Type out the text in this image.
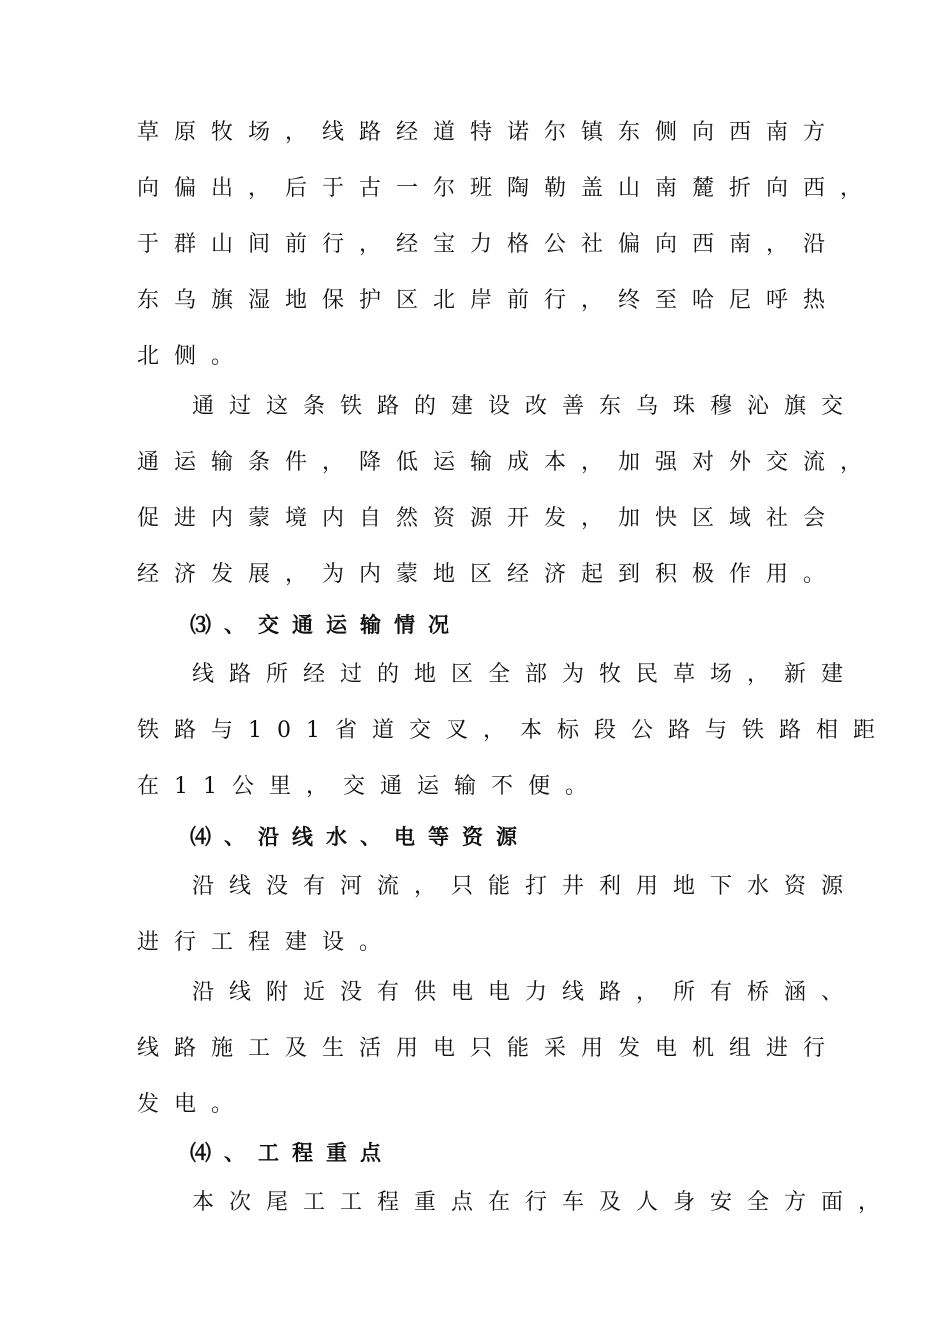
草原牧场，线路经道特诺尔镇东侧向西南方
向偏出，后于古一尔班陶勒盖山南麓折向西，
于群山间前行，经宝力格公社偏向西南，沿
东乌旗湿地保护区北岸前行，终至哈尼呼热
北侧。
通过这条铁路的建设改善东乌珠穆沁旗交
通运输条件，降低运输成本，加强对外交流，
促进内蒙境内自然资源开发，加快区域社会
经济发展，为内蒙地区经济起到积极作用。
⑶、交通运输情况
线路所经过的地区全部为牧民草场，新建
铁路与101省道交叉，本标段公路与铁路相距
在11公里，交通运输不便。
⑷、沿线水、电等资源
沿线没有河流，只能打井利用地下水资源
进行工程建设。
沿线附近没有供电电力线路，所有桥涵、
线路施工及生活用电只能采用发电机组进行
发电。
⑷、工程重点
本次尾工工程重点在行车及人身安全方面，
